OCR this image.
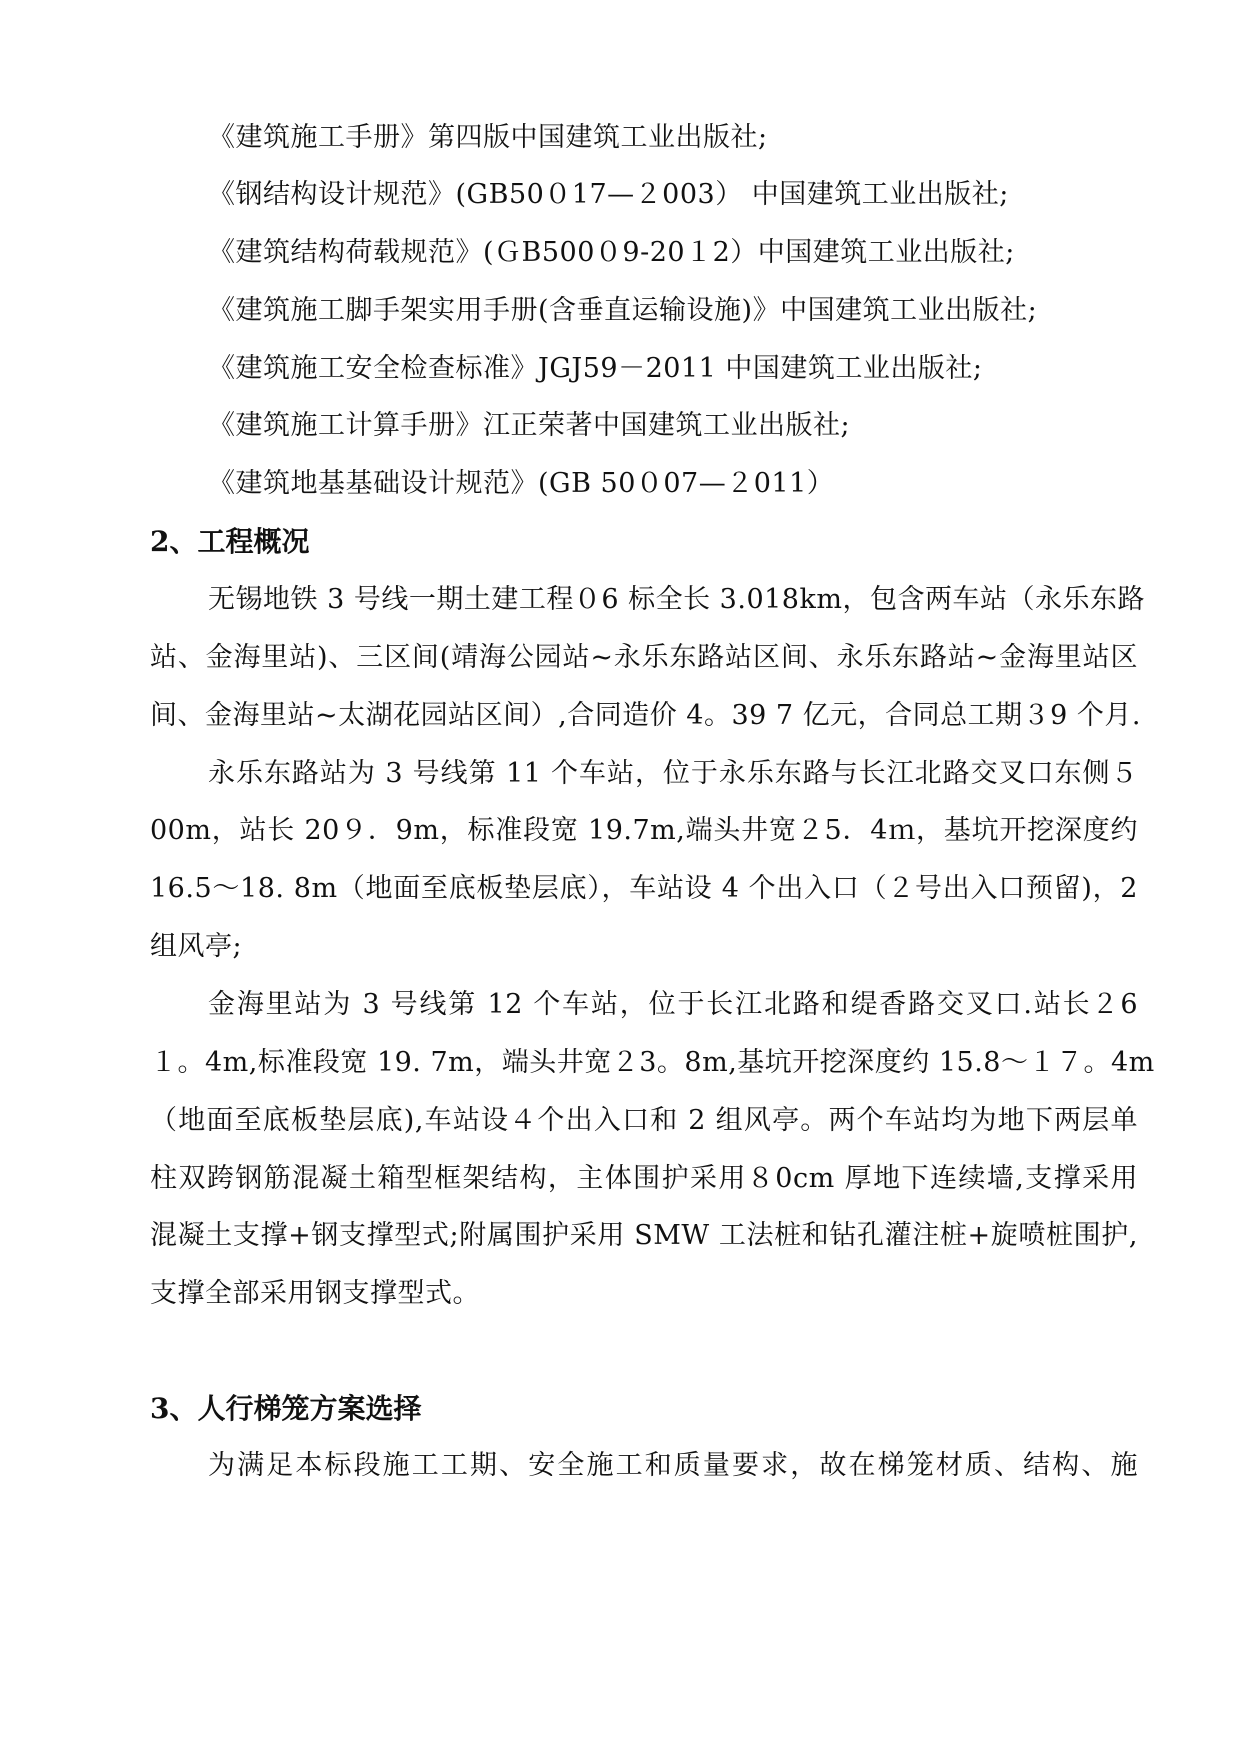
《建筑施工手册》第四版中国建筑工业出版社;
《钢结构设计规范》(GB50０17—２003） 中国建筑工业出版社;
《建筑结构荷载规范》(ＧB500０9-20１2）中国建筑工业出版社;
《建筑施工脚手架实用手册(含垂直运输设施)》中国建筑工业出版社;
《建筑施工安全检查标准》JGJ59－2011 中国建筑工业出版社;
《建筑施工计算手册》江正荣著中国建筑工业出版社;
《建筑地基基础设计规范》(GB 50０07—２011）
2、工程概况
无锡地铁 3 号线一期土建工程０6 标全长 3.018km，包含两车站（永乐东路
站、金海里站)、三区间(靖海公园站~永乐东路站区间、永乐东路站~金海里站区
间、金海里站~太湖花园站区间）,合同造价 4。39 7 亿元，合同总工期３9 个月.
永乐东路站为 3 号线第 11 个车站，位于永乐东路与长江北路交叉口东侧５
00m，站长 20９．9m，标准段宽 19.7m,端头井宽２5．4ｍ，基坑开挖深度约
16.5～18. 8m（地面至底板垫层底），车站设 4 个出入口（２号出入口预留)，2
组风亭;
金海里站为 3 号线第 12 个车站，位于长江北路和缇香路交叉口.站长２6
１。4m,标准段宽 19. 7m，端头井宽２3。8m,基坑开挖深度约 15.8～１７。4m
（地面至底板垫层底),车站设４个出入口和 2 组风亭。两个车站均为地下两层单
柱双跨钢筋混凝土箱型框架结构，主体围护采用８0cm 厚地下连续墙,支撑采用
混凝土支撑+钢支撑型式;附属围护采用 SMW 工法桩和钻孔灌注桩+旋喷桩围护,
支撑全部采用钢支撑型式。
3、人行梯笼方案选择
为满足本标段施工工期、安全施工和质量要求，故在梯笼材质、结构、施
